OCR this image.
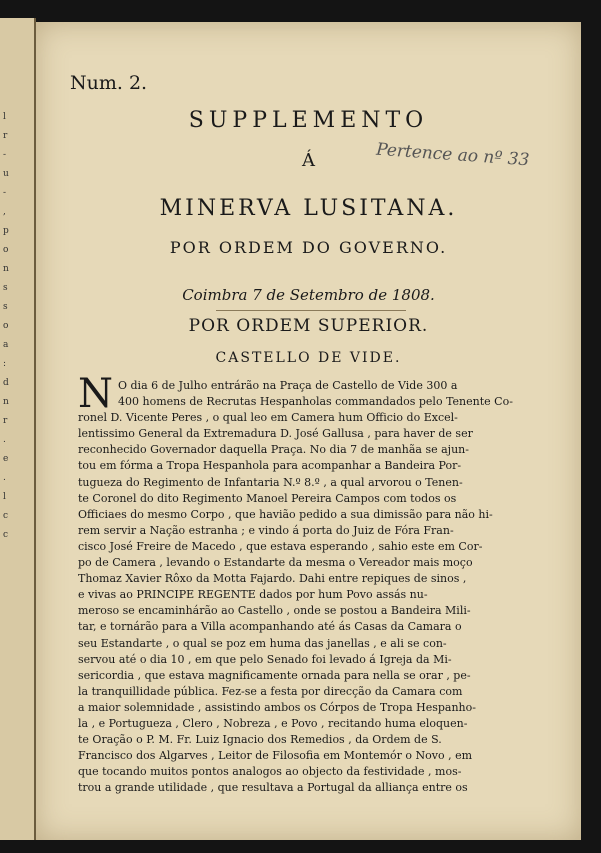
l
r
-
u
-
,
p
o
n
s
s
o
a
:
d
n
r
.
e
.
l
c
c
Num. 2.
SUPPLEMENTO
Á	Pertence ao nº 33
MINERVA LUSITANA.
POR ORDEM DO GOVERNO.
Coimbra 7 de Setembro de 1808.
POR ORDEM SUPERIOR.
CASTELLO DE VIDE.
N O dia 6 de Julho entrárão na Praça de Castello de Vide 300 a
400 homens de Recrutas Hespanholas commandados pelo Tenente Co-
ronel D. Vicente Peres , o qual leo em Camera hum Officio do Excel-
lentissimo General da Extremadura D. José Gallusa , para haver de ser
reconhecido Governador daquella Praça. No dia 7 de manhãa se ajun-
tou em fórma a Tropa Hespanhola para acompanhar a Bandeira Por-
tugueza do Regimento de Infantaria N.º 8.º , a qual arvorou o Tenen-
te Coronel do dito Regimento Manoel Pereira Campos com todos os
Officiaes do mesmo Corpo , que havião pedido a sua dimissão para não hi-
rem servir a Nação estranha ; e vindo á porta do Juiz de Fóra Fran-
cisco José Freire de Macedo , que estava esperando , sahio este em Cor-
po de Camera , levando o Estandarte da mesma o Vereador mais moço
Thomaz Xavier Rôxo da Motta Fajardo. Dahi entre repiques de sinos ,
e vivas ao PRINCIPE REGENTE dados por hum Povo assás nu-
meroso se encaminhárão ao Castello , onde se postou a Bandeira Mili-
tar, e tornárão para a Villa acompanhando até ás Casas da Camara o
seu Estandarte , o qual se poz em huma das janellas , e ali se con-
servou até o dia 10 , em que pelo Senado foi levado á Igreja da Mi-
sericordia , que estava magnificamente ornada para nella se orar , pe-
la tranquillidade pública. Fez-se a festa por direcção da Camara com
a maior solemnidade , assistindo ambos os Córpos de Tropa Hespanho-
la , e Portugueza , Clero , Nobreza , e Povo , recitando huma eloquen-
te Oração o P. M. Fr. Luiz Ignacio dos Remedios , da Ordem de S.
Francisco dos Algarves , Leitor de Filosofia em Montemór o Novo , em
que tocando muitos pontos analogos ao objecto da festividade , mos-
trou a grande utilidade , que resultava a Portugal da alliança entre os
